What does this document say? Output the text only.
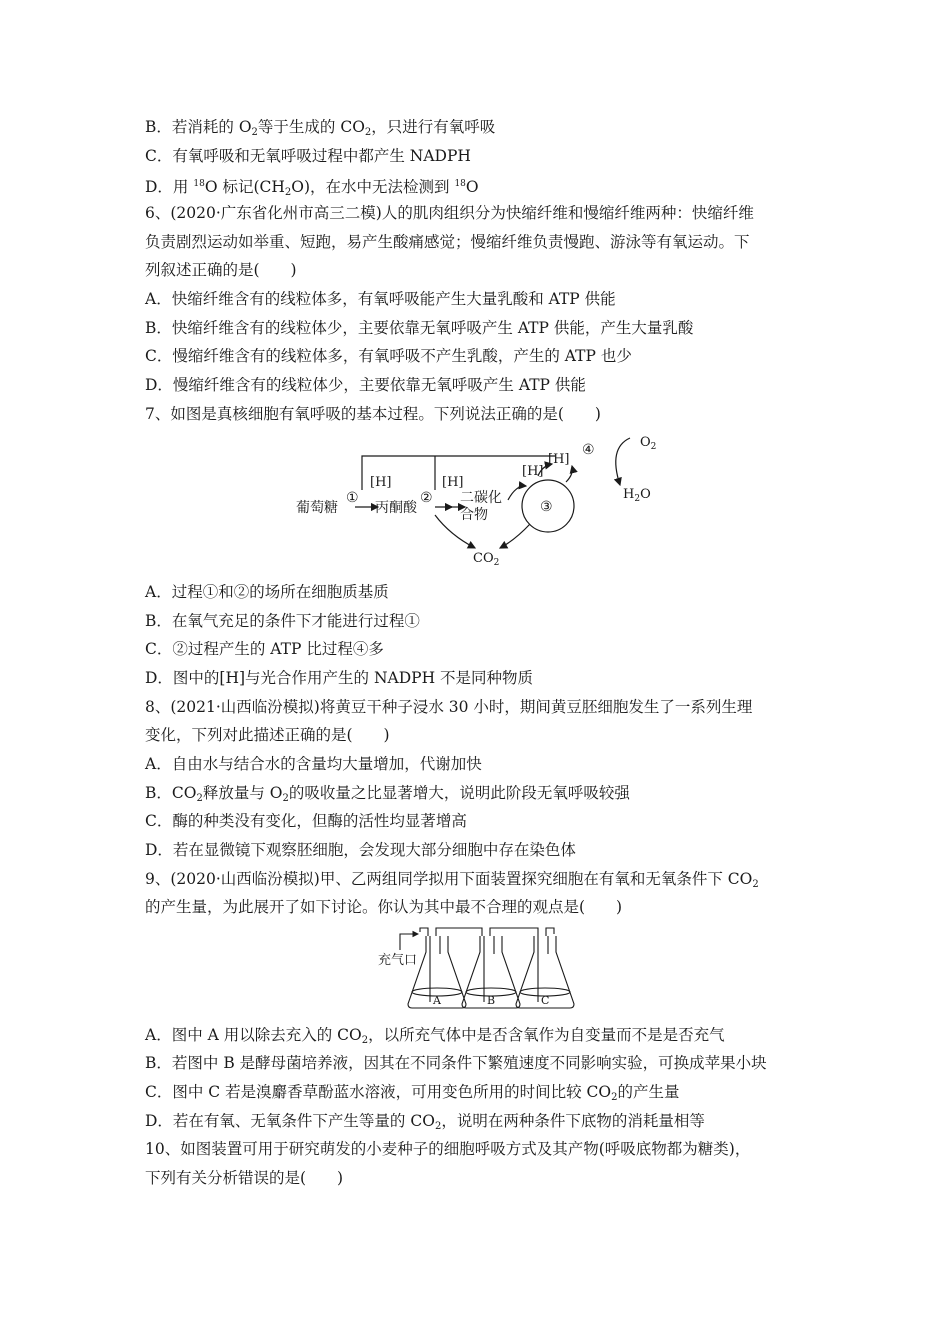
B．若消耗的 $O_2$等于生成的 $CO_2$，只进行有氧呼吸
C．有氧呼吸和无氧呼吸过程中都产生 NADPH
D．用 $^{18}$O 标记$(CH_2O)$，在水中无法检测到 $^{18}$O
6、(2020·广东省化州市高三二模)人的肌肉组织分为快缩纤维和慢缩纤维两种：快缩纤维
负责剧烈运动如举重、短跑，易产生酸痛感觉；慢缩纤维负责慢跑、游泳等有氧运动。下
列叙述正确的是(　　)
A．快缩纤维含有的线粒体多，有氧呼吸能产生大量乳酸和 ATP 供能
B．快缩纤维含有的线粒体少，主要依靠无氧呼吸产生 ATP 供能，产生大量乳酸
C．慢缩纤维含有的线粒体多，有氧呼吸不产生乳酸，产生的 ATP 也少
D．慢缩纤维含有的线粒体少，主要依靠无氧呼吸产生 ATP 供能
7、如图是真核细胞有氧呼吸的基本过程。下列说法正确的是(　　)
葡萄糖
①
[H]
丙酮酸
②
[H]
二碳化
合物	③
[H]
[H]
④	$O_2$
$H_2O$
$CO_2$
A．过程①和②的场所在细胞质基质
B．在氧气充足的条件下才能进行过程①
C．②过程产生的 ATP 比过程④多
D．图中的[H]与光合作用产生的 NADPH 不是同种物质
8、(2021·山西临汾模拟)将黄豆干种子浸水 30 小时，期间黄豆胚细胞发生了一系列生理
变化，下列对此描述正确的是(　　)
A．自由水与结合水的含量均大量增加，代谢加快
B．$CO_2$释放量与 $O_2$的吸收量之比显著增大，说明此阶段无氧呼吸较强
C．酶的种类没有变化，但酶的活性均显著增高
D．若在显微镜下观察胚细胞，会发现大部分细胞中存在染色体
9、(2020·山西临汾模拟)甲、乙两组同学拟用下面装置探究细胞在有氧和无氧条件下 $CO_2$
的产生量，为此展开了如下讨论。你认为其中最不合理的观点是(　　)
充气口
A	B	C
A．图中 A 用以除去充入的 $CO_2$，以所充气体中是否含氧作为自变量而不是是否充气
B．若图中 B 是酵母菌培养液，因其在不同条件下繁殖速度不同影响实验，可换成苹果小块
C．图中 C 若是溴麝香草酚蓝水溶液，可用变色所用的时间比较 $CO_2$的产生量
D．若在有氧、无氧条件下产生等量的 $CO_2$，说明在两种条件下底物的消耗量相等
10、如图装置可用于研究萌发的小麦种子的细胞呼吸方式及其产物(呼吸底物都为糖类)，
下列有关分析错误的是(　　)
